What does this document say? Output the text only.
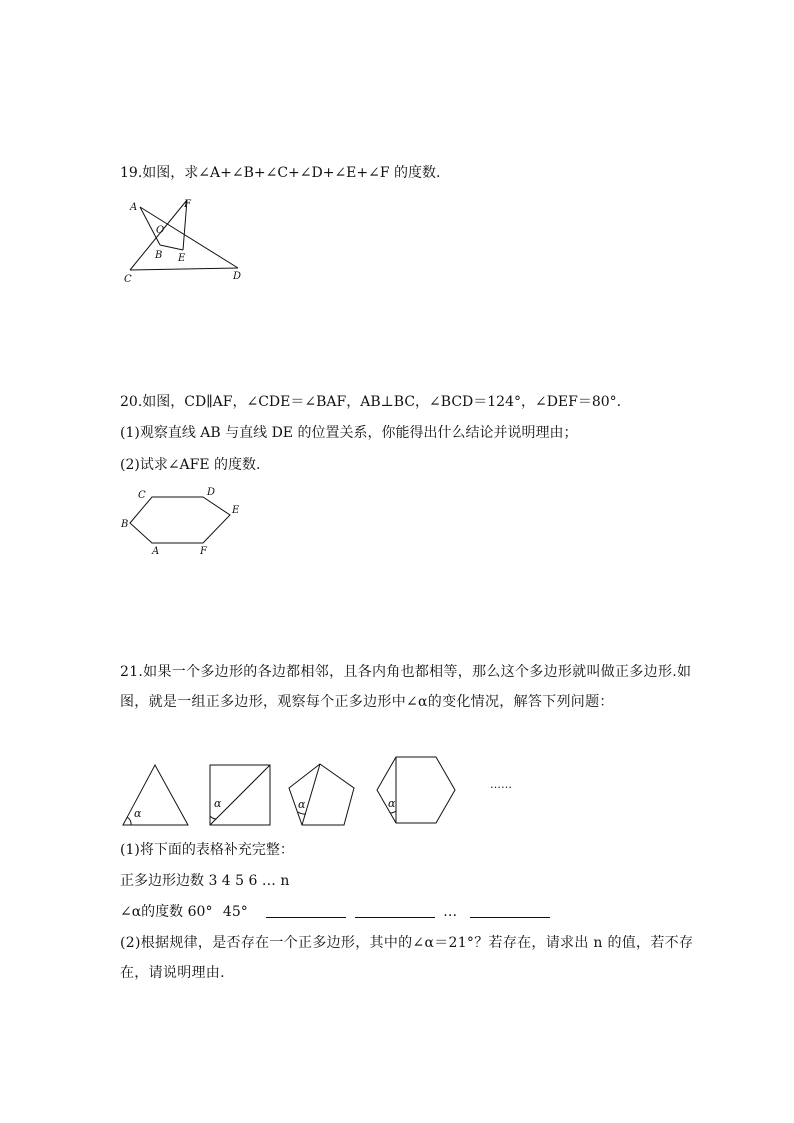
19.如图，求∠A+∠B+∠C+∠D+∠E+∠F 的度数.
A	F
O
B E
C	D
20.如图，CD∥AF，∠CDE＝∠BAF，AB⊥BC，∠BCD＝124°，∠DEF＝80°.
(1)观察直线 AB 与直线 DE 的位置关系，你能得出什么结论并说明理由；
(2)试求∠AFE 的度数.
C	D
B
E
A	F
21.如果一个多边形的各边都相邻，且各内角也都相等，那么这个多边形就叫做正多边形.如图，就是一组正多边形，观察每个正多边形中∠α的变化情况，解答下列问题：
α
α	α	α
……
(1)将下面的表格补充完整：
正多边形边数 3 4 5 6 … n
∠α的度数 60° 45°	…
(2)根据规律，是否存在一个正多边形，其中的∠α＝21°？若存在，请求出 n 的值，若不存在，请说明理由.
